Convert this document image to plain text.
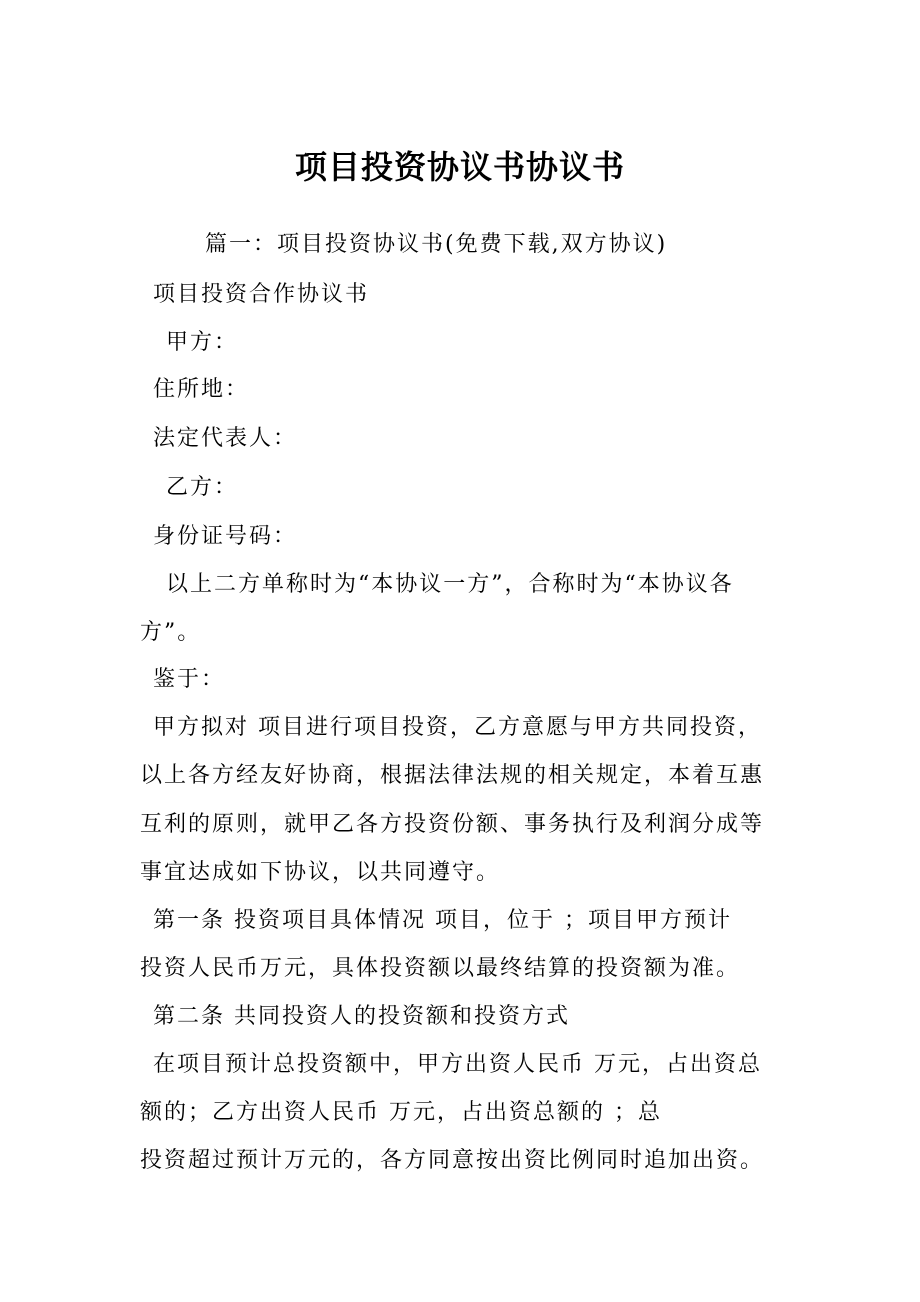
项目投资协议书协议书
篇一：项目投资协议书(免费下载,双方协议)
项目投资合作协议书
甲方：
住所地：
法定代表人：
乙方：
身份证号码：
以上二方单称时为“本协议一方”，合称时为“本协议各
方”。
鉴于：
甲方拟对 项目进行项目投资，乙方意愿与甲方共同投资，
以上各方经友好协商，根据法律法规的相关规定，本着互惠
互利的原则，就甲乙各方投资份额、事务执行及利润分成等
事宜达成如下协议，以共同遵守。
第一条 投资项目具体情况 项目，位于 ；项目甲方预计
投资人民币万元，具体投资额以最终结算的投资额为准。
第二条 共同投资人的投资额和投资方式
在项目预计总投资额中，甲方出资人民币 万元，占出资总
额的；乙方出资人民币 万元，占出资总额的 ；总
投资超过预计万元的，各方同意按出资比例同时追加出资。
